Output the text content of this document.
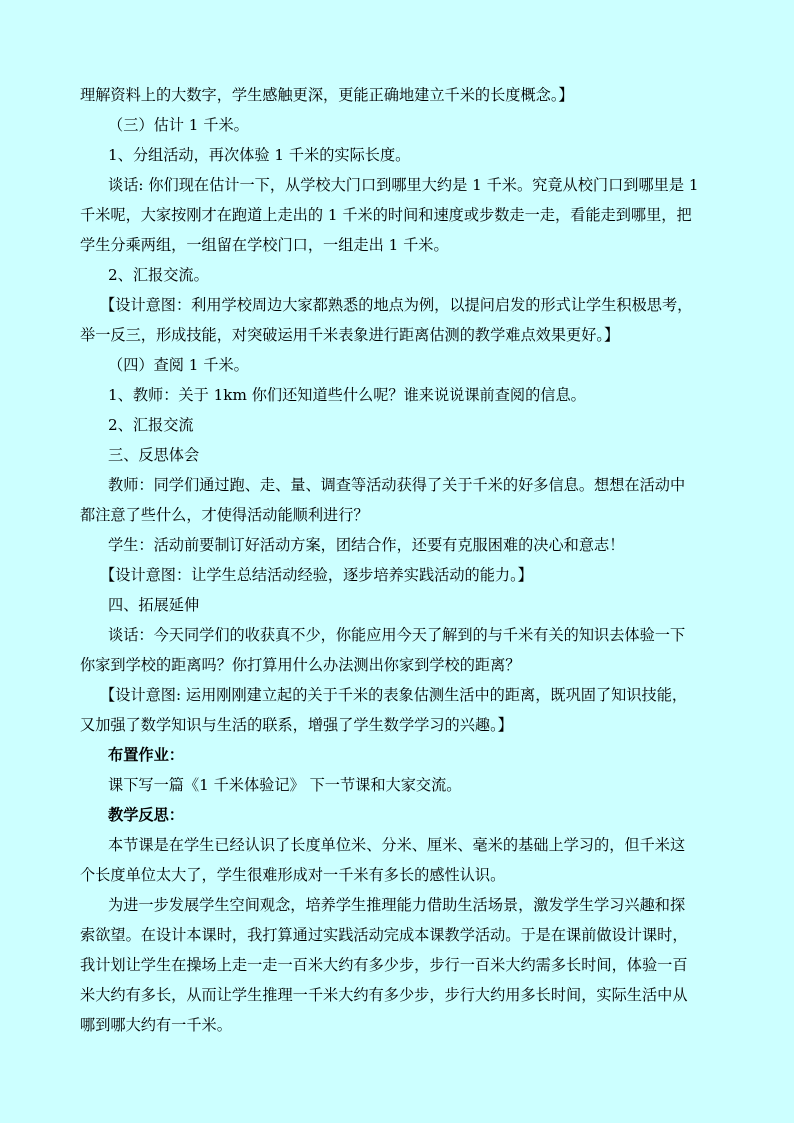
理解资料上的大数字，学生感触更深，更能正确地建立千米的长度概念。】
（三）估计 1 千米。
1、分组活动，再次体验 1 千米的实际长度。
谈话: 你们现在估计一下，从学校大门口到哪里大约是 1 千米。究竟从校门口到哪里是 1
千米呢，大家按刚才在跑道上走出的 1 千米的时间和速度或步数走一走，看能走到哪里，把
学生分乘两组，一组留在学校门口，一组走出 1 千米。
2、汇报交流。
【设计意图：利用学校周边大家都熟悉的地点为例，以提问启发的形式让学生积极思考，
举一反三，形成技能，对突破运用千米表象进行距离估测的教学难点效果更好。】
（四）查阅 1 千米。
1、教师：关于 1km 你们还知道些什么呢？谁来说说课前查阅的信息。
2、汇报交流
三、反思体会
教师：同学们通过跑、走、量、调查等活动获得了关于千米的好多信息。想想在活动中
都注意了些什么，才使得活动能顺利进行？
学生：活动前要制订好活动方案，团结合作，还要有克服困难的决心和意志！
【设计意图：让学生总结活动经验，逐步培养实践活动的能力。】
四、拓展延伸
谈话：今天同学们的收获真不少，你能应用今天了解到的与千米有关的知识去体验一下
你家到学校的距离吗？你打算用什么办法测出你家到学校的距离？
【设计意图: 运用刚刚建立起的关于千米的表象估测生活中的距离，既巩固了知识技能，
又加强了数学知识与生活的联系，增强了学生数学学习的兴趣。】
布置作业：
课下写一篇《1 千米体验记》 下一节课和大家交流。
教学反思：
本节课是在学生已经认识了长度单位米、分米、厘米、毫米的基础上学习的，但千米这
个长度单位太大了，学生很难形成对一千米有多长的感性认识。
为进一步发展学生空间观念，培养学生推理能力借助生活场景，激发学生学习兴趣和探
索欲望。在设计本课时，我打算通过实践活动完成本课教学活动。于是在课前做设计课时，
我计划让学生在操场上走一走一百米大约有多少步，步行一百米大约需多长时间，体验一百
米大约有多长，从而让学生推理一千米大约有多少步，步行大约用多长时间，实际生活中从
哪到哪大约有一千米。
